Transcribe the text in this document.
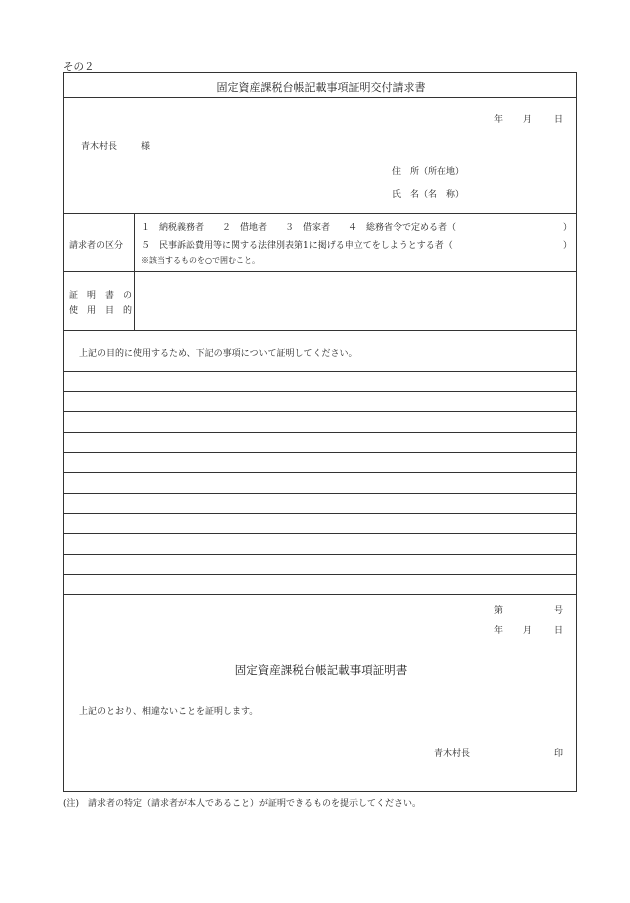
その２
固定資産課税台帳記載事項証明交付請求書
年 月 日
青木村長	様
住　所（所在地）
氏　名（名　称）
請求者の区分
１　納税義務者　　２　借地者　　３　借家者　　４　総務省令で定める者（	）
５　民事訴訟費用等に関する法律別表第1に掲げる申立てをしようとする者（	）
※該当するものを○で囲むこと。
証　明　書　の
使　用　目　的
上記の目的に使用するため、下記の事項について証明してください。
第	号
年 月 日
固定資産課税台帳記載事項証明書
上記のとおり、相違ないことを証明します。
青木村長	印
(注)　請求者の特定（請求者が本人であること）が証明できるものを提示してください。
